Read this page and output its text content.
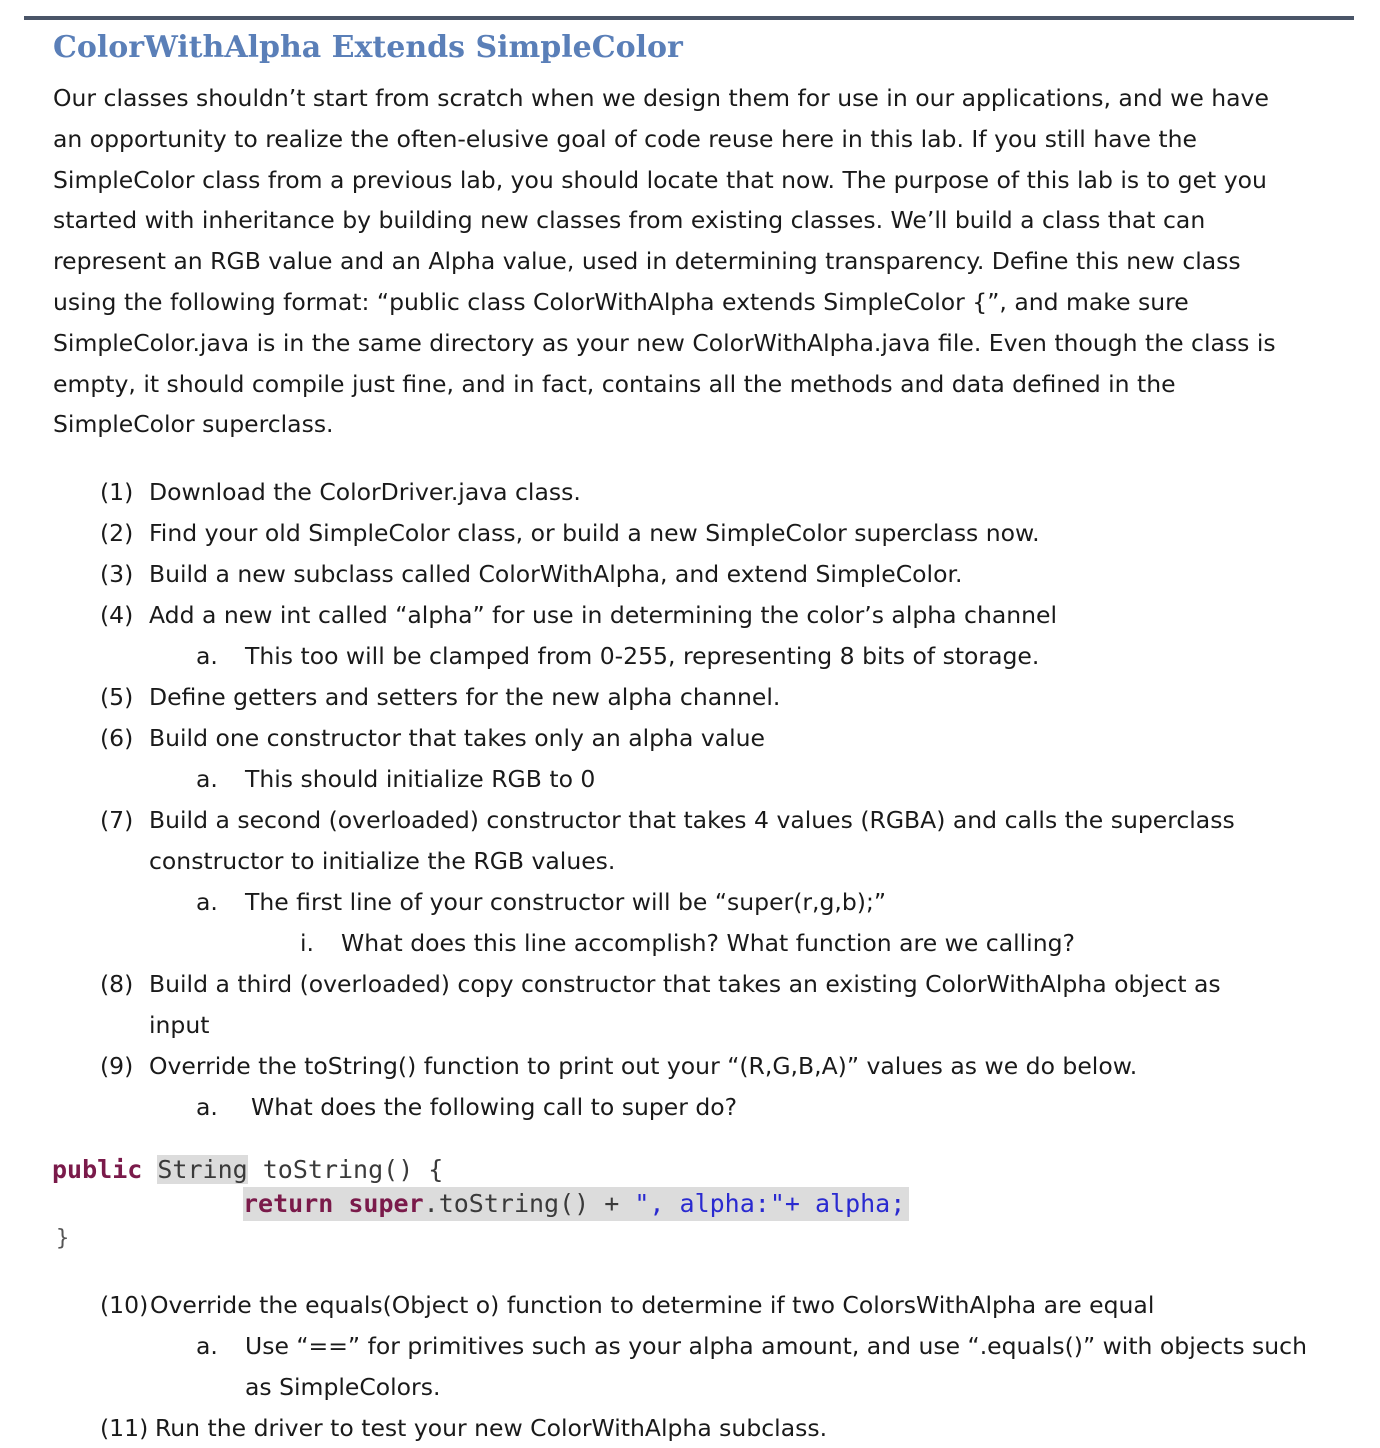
ColorWithAlpha Extends SimpleColor
Our classes shouldn’t start from scratch when we design them for use in our applications, and we have
an opportunity to realize the often-elusive goal of code reuse here in this lab. If you still have the
SimpleColor class from a previous lab, you should locate that now. The purpose of this lab is to get you
started with inheritance by building new classes from existing classes. We’ll build a class that can
represent an RGB value and an Alpha value, used in determining transparency. Define this new class
using the following format: “public class ColorWithAlpha extends SimpleColor {”, and make sure
SimpleColor.java is in the same directory as your new ColorWithAlpha.java file. Even though the class is
empty, it should compile just fine, and in fact, contains all the methods and data defined in the
SimpleColor superclass.
(1) Download the ColorDriver.java class.
(2) Find your old SimpleColor class, or build a new SimpleColor superclass now.
(3) Build a new subclass called ColorWithAlpha, and extend SimpleColor.
(4) Add a new int called “alpha” for use in determining the color’s alpha channel
a. This too will be clamped from 0-255, representing 8 bits of storage.
(5) Define getters and setters for the new alpha channel.
(6) Build one constructor that takes only an alpha value
a. This should initialize RGB to 0
(7) Build a second (overloaded) constructor that takes 4 values (RGBA) and calls the superclass
constructor to initialize the RGB values.
a. The first line of your constructor will be “super(r,g,b);”
i. What does this line accomplish? What function are we calling?
(8) Build a third (overloaded) copy constructor that takes an existing ColorWithAlpha object as
input
(9) Override the toString() function to print out your “(R,G,B,A)” values as we do below.
a. What does the following call to super do?
public String toString() {
return super.toString() + ", alpha:"+ alpha;
}
(10)Override the equals(Object o) function to determine if two ColorsWithAlpha are equal
a. Use “==” for primitives such as your alpha amount, and use “.equals()” with objects such
as SimpleColors.
(11) Run the driver to test your new ColorWithAlpha subclass.
